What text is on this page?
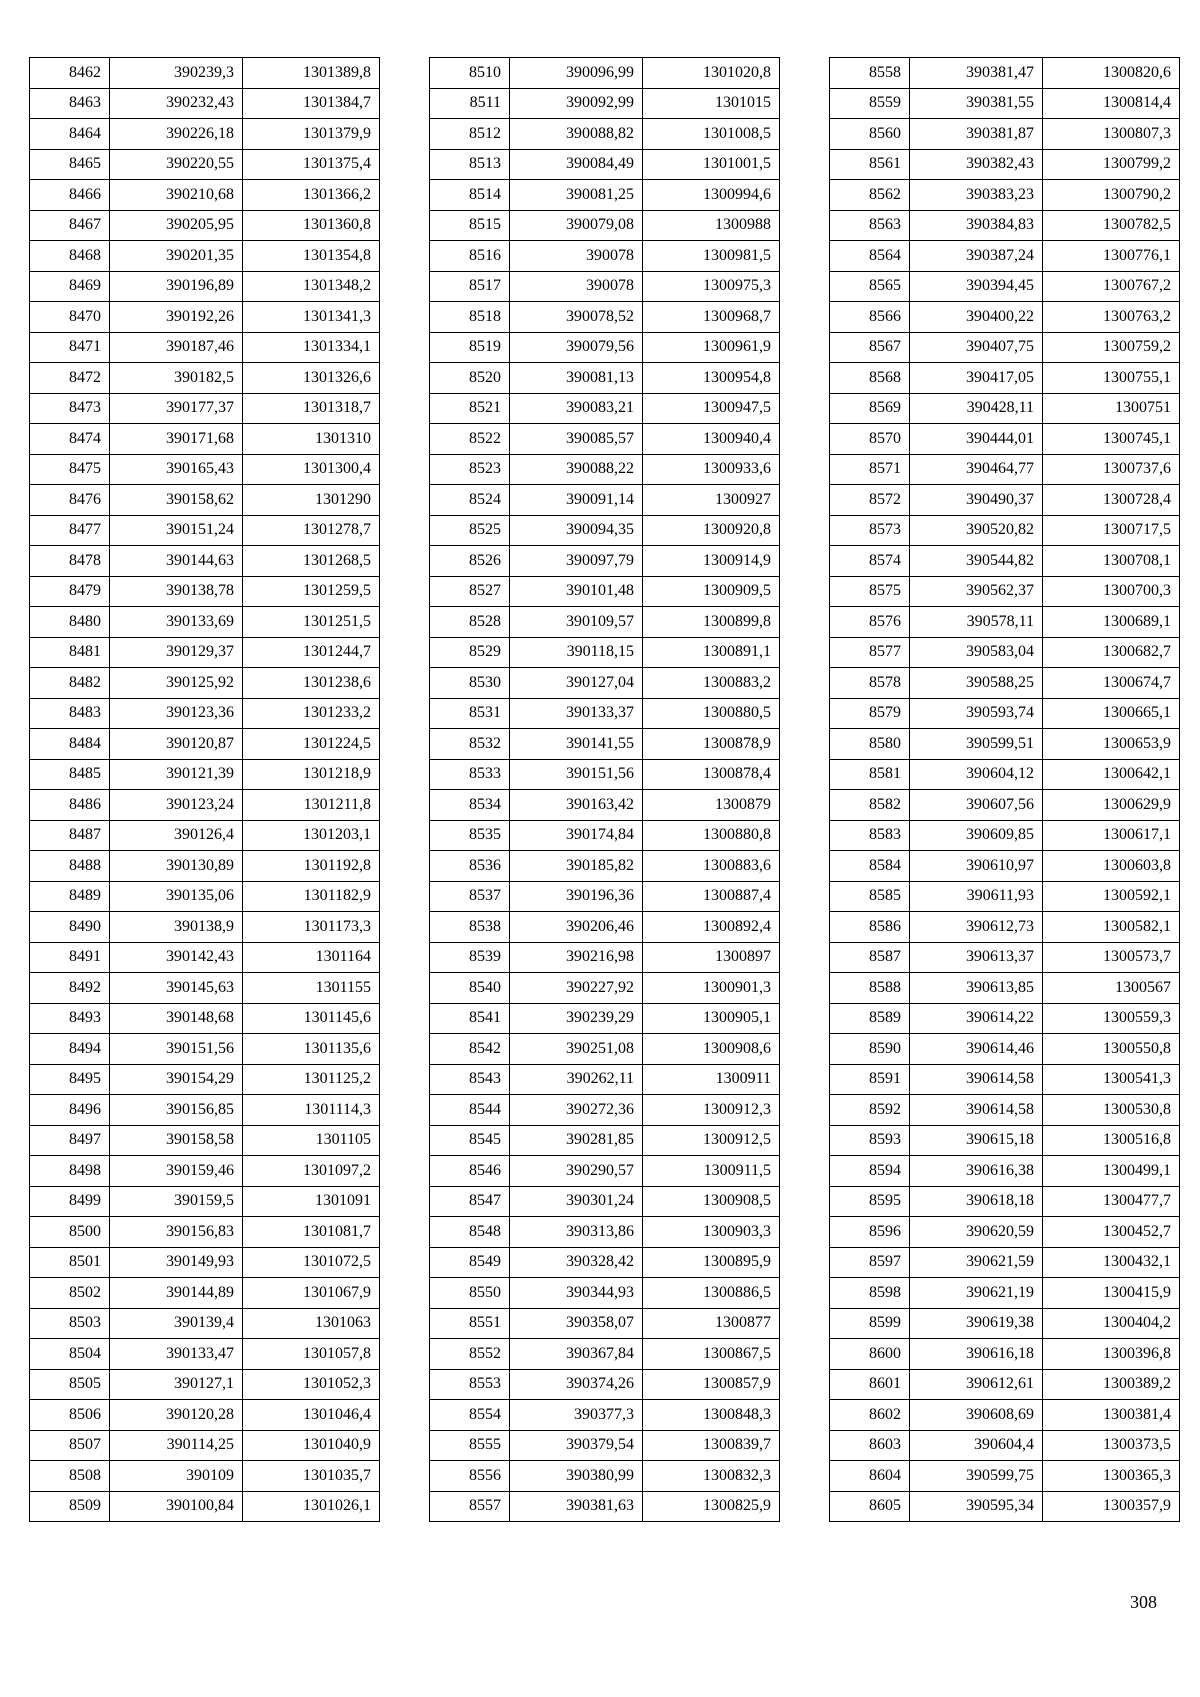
8462	390239,3	1301389,8
8463	390232,43	1301384,7
8464	390226,18	1301379,9
8465	390220,55	1301375,4
8466	390210,68	1301366,2
8467	390205,95	1301360,8
8468	390201,35	1301354,8
8469	390196,89	1301348,2
8470	390192,26	1301341,3
8471	390187,46	1301334,1
8472	390182,5	1301326,6
8473	390177,37	1301318,7
8474	390171,68	1301310
8475	390165,43	1301300,4
8476	390158,62	1301290
8477	390151,24	1301278,7
8478	390144,63	1301268,5
8479	390138,78	1301259,5
8480	390133,69	1301251,5
8481	390129,37	1301244,7
8482	390125,92	1301238,6
8483	390123,36	1301233,2
8484	390120,87	1301224,5
8485	390121,39	1301218,9
8486	390123,24	1301211,8
8487	390126,4	1301203,1
8488	390130,89	1301192,8
8489	390135,06	1301182,9
8490	390138,9	1301173,3
8491	390142,43	1301164
8492	390145,63	1301155
8493	390148,68	1301145,6
8494	390151,56	1301135,6
8495	390154,29	1301125,2
8496	390156,85	1301114,3
8497	390158,58	1301105
8498	390159,46	1301097,2
8499	390159,5	1301091
8500	390156,83	1301081,7
8501	390149,93	1301072,5
8502	390144,89	1301067,9
8503	390139,4	1301063
8504	390133,47	1301057,8
8505	390127,1	1301052,3
8506	390120,28	1301046,4
8507	390114,25	1301040,9
8508	390109	1301035,7
8509	390100,84	1301026,1
8510	390096,99	1301020,8
8511	390092,99	1301015
8512	390088,82	1301008,5
8513	390084,49	1301001,5
8514	390081,25	1300994,6
8515	390079,08	1300988
8516	390078	1300981,5
8517	390078	1300975,3
8518	390078,52	1300968,7
8519	390079,56	1300961,9
8520	390081,13	1300954,8
8521	390083,21	1300947,5
8522	390085,57	1300940,4
8523	390088,22	1300933,6
8524	390091,14	1300927
8525	390094,35	1300920,8
8526	390097,79	1300914,9
8527	390101,48	1300909,5
8528	390109,57	1300899,8
8529	390118,15	1300891,1
8530	390127,04	1300883,2
8531	390133,37	1300880,5
8532	390141,55	1300878,9
8533	390151,56	1300878,4
8534	390163,42	1300879
8535	390174,84	1300880,8
8536	390185,82	1300883,6
8537	390196,36	1300887,4
8538	390206,46	1300892,4
8539	390216,98	1300897
8540	390227,92	1300901,3
8541	390239,29	1300905,1
8542	390251,08	1300908,6
8543	390262,11	1300911
8544	390272,36	1300912,3
8545	390281,85	1300912,5
8546	390290,57	1300911,5
8547	390301,24	1300908,5
8548	390313,86	1300903,3
8549	390328,42	1300895,9
8550	390344,93	1300886,5
8551	390358,07	1300877
8552	390367,84	1300867,5
8553	390374,26	1300857,9
8554	390377,3	1300848,3
8555	390379,54	1300839,7
8556	390380,99	1300832,3
8557	390381,63	1300825,9
8558	390381,47	1300820,6
8559	390381,55	1300814,4
8560	390381,87	1300807,3
8561	390382,43	1300799,2
8562	390383,23	1300790,2
8563	390384,83	1300782,5
8564	390387,24	1300776,1
8565	390394,45	1300767,2
8566	390400,22	1300763,2
8567	390407,75	1300759,2
8568	390417,05	1300755,1
8569	390428,11	1300751
8570	390444,01	1300745,1
8571	390464,77	1300737,6
8572	390490,37	1300728,4
8573	390520,82	1300717,5
8574	390544,82	1300708,1
8575	390562,37	1300700,3
8576	390578,11	1300689,1
8577	390583,04	1300682,7
8578	390588,25	1300674,7
8579	390593,74	1300665,1
8580	390599,51	1300653,9
8581	390604,12	1300642,1
8582	390607,56	1300629,9
8583	390609,85	1300617,1
8584	390610,97	1300603,8
8585	390611,93	1300592,1
8586	390612,73	1300582,1
8587	390613,37	1300573,7
8588	390613,85	1300567
8589	390614,22	1300559,3
8590	390614,46	1300550,8
8591	390614,58	1300541,3
8592	390614,58	1300530,8
8593	390615,18	1300516,8
8594	390616,38	1300499,1
8595	390618,18	1300477,7
8596	390620,59	1300452,7
8597	390621,59	1300432,1
8598	390621,19	1300415,9
8599	390619,38	1300404,2
8600	390616,18	1300396,8
8601	390612,61	1300389,2
8602	390608,69	1300381,4
8603	390604,4	1300373,5
8604	390599,75	1300365,3
8605	390595,34	1300357,9
308
